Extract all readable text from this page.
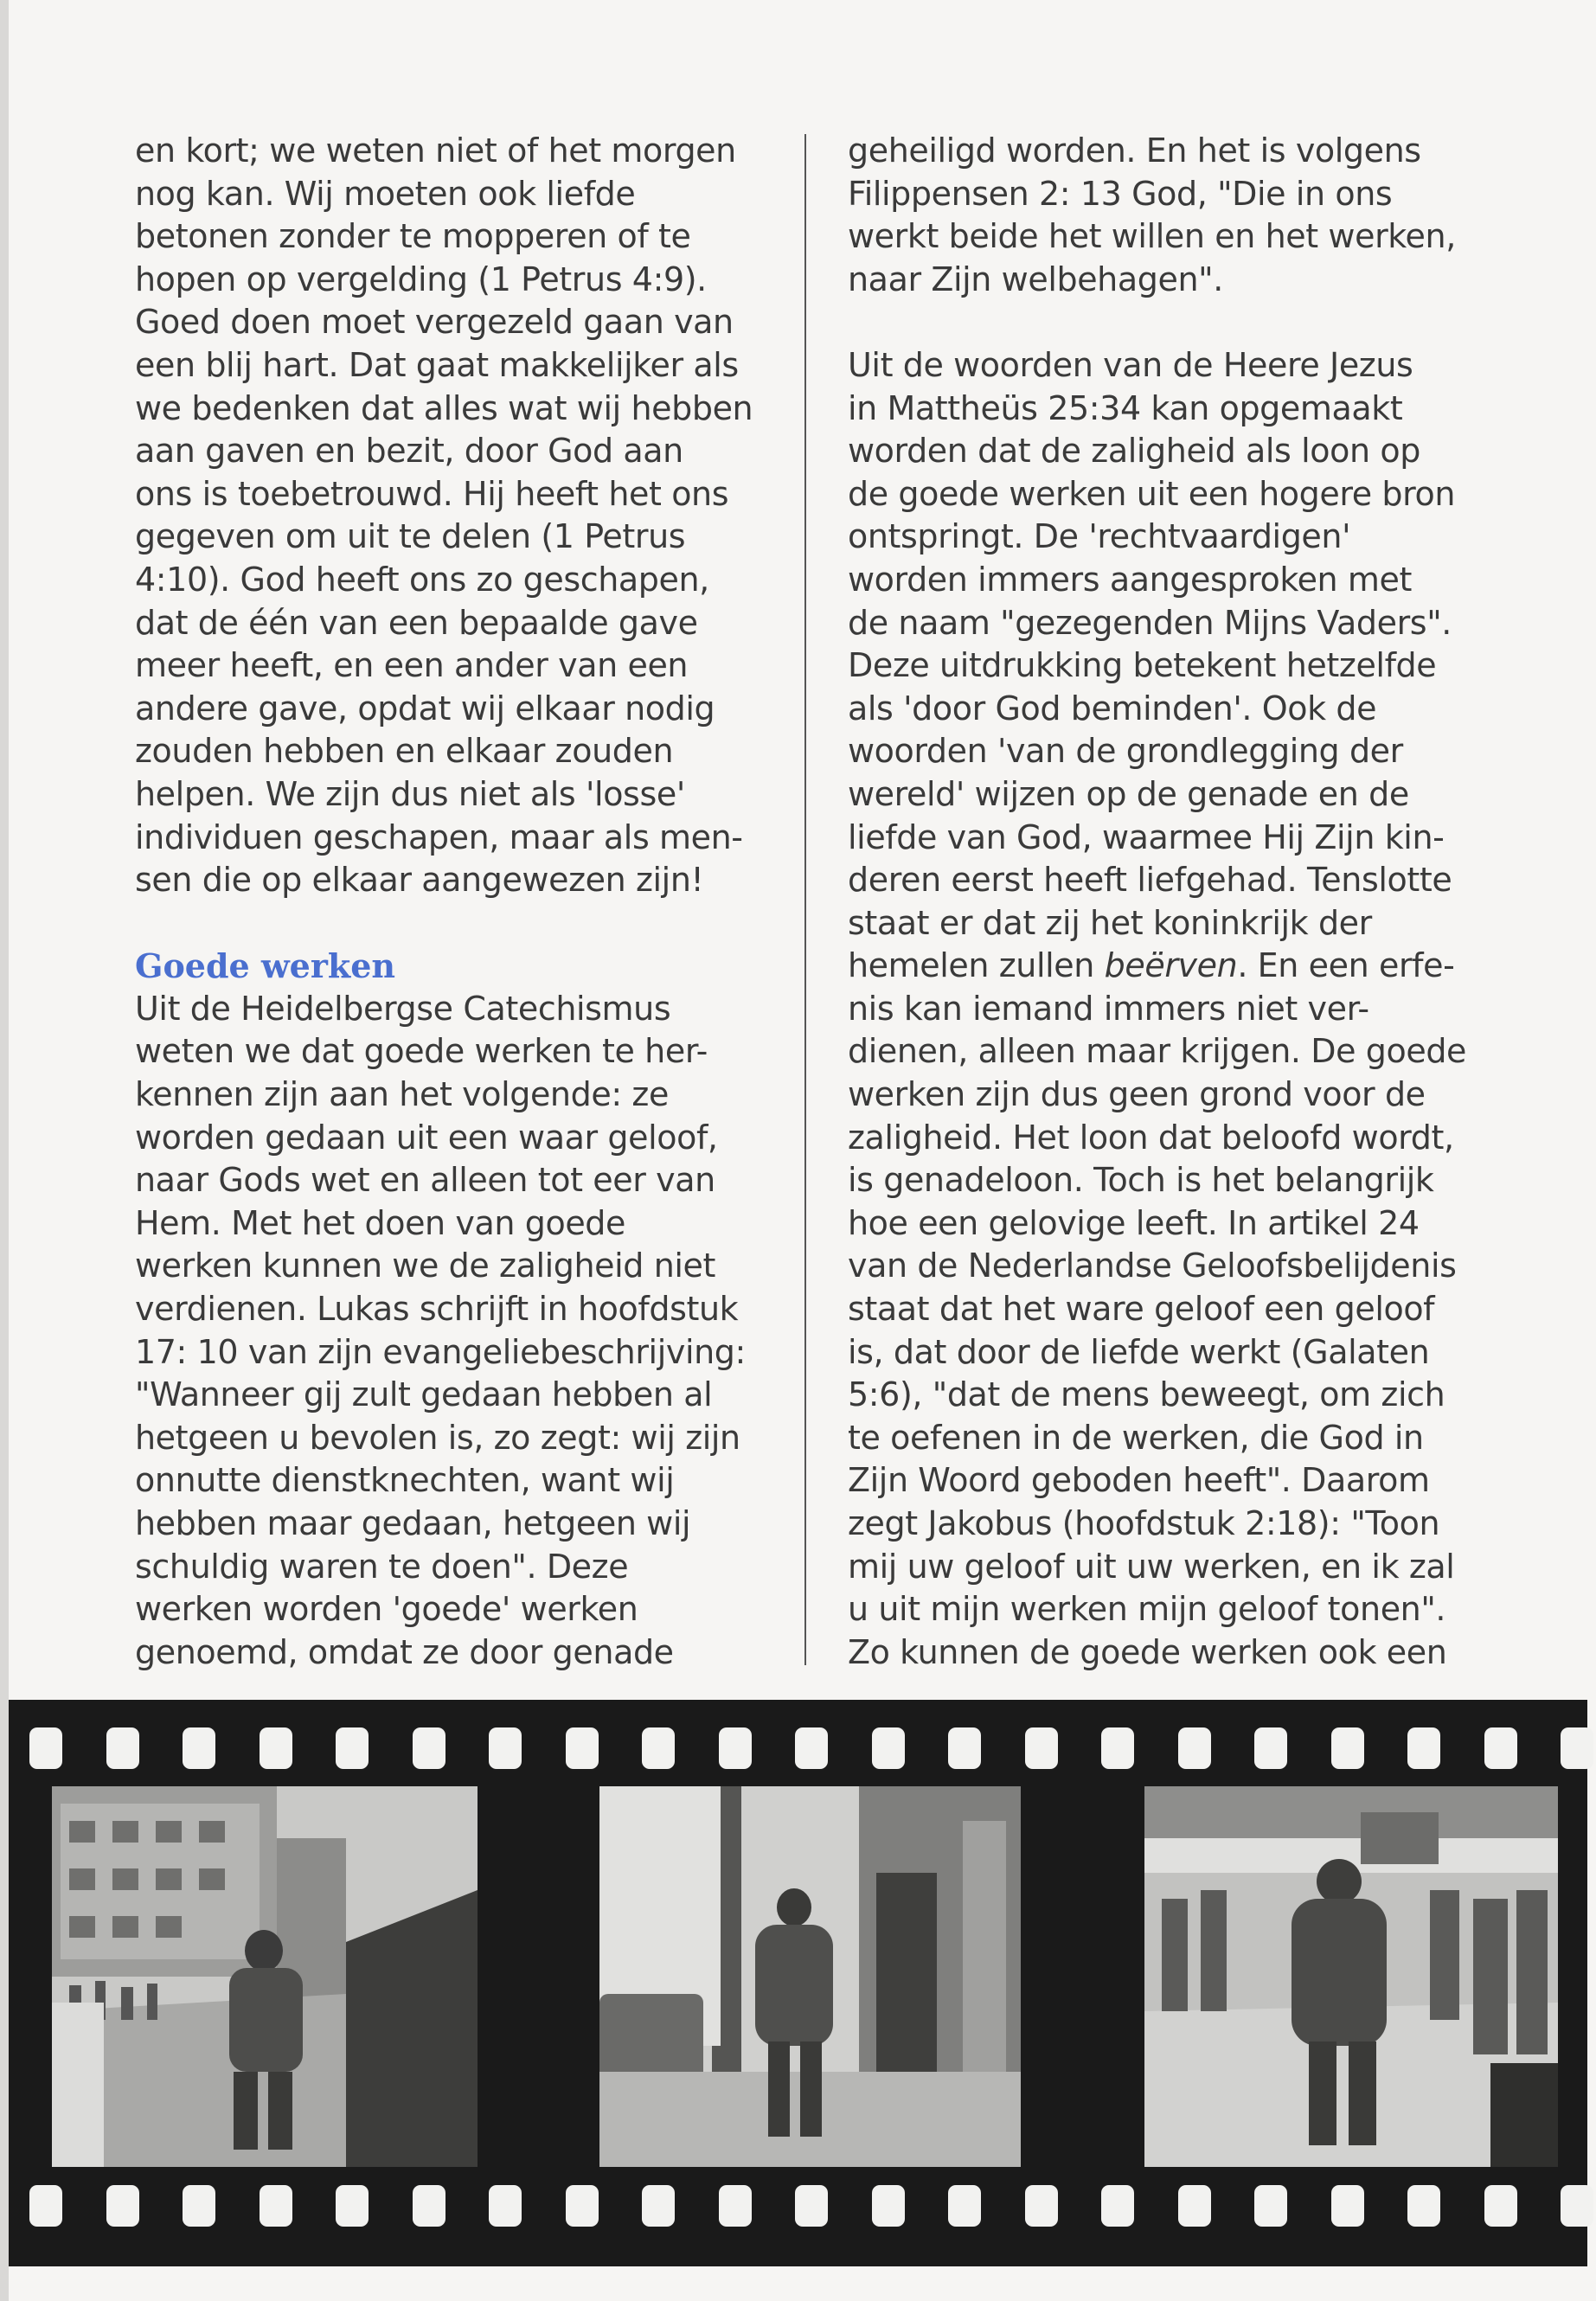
en kort; we weten niet of het morgen
nog kan. Wij moeten ook liefde
betonen zonder te mopperen of te
hopen op vergelding (1 Petrus 4:9).
Goed doen moet vergezeld gaan van
een blij hart. Dat gaat makkelijker als
we bedenken dat alles wat wij hebben
aan gaven en bezit, door God aan
ons is toebetrouwd. Hij heeft het ons
gegeven om uit te delen (1 Petrus
4:10). God heeft ons zo geschapen,
dat de één van een bepaalde gave
meer heeft, en een ander van een
andere gave, opdat wij elkaar nodig
zouden hebben en elkaar zouden
helpen. We zijn dus niet als 'losse'
individuen geschapen, maar als men-
sen die op elkaar aangewezen zijn!
Goede werken
Uit de Heidelbergse Catechismus
weten we dat goede werken te her-
kennen zijn aan het volgende: ze
worden gedaan uit een waar geloof,
naar Gods wet en alleen tot eer van
Hem. Met het doen van goede
werken kunnen we de zaligheid niet
verdienen. Lukas schrijft in hoofdstuk
17: 10 van zijn evangeliebeschrijving:
"Wanneer gij zult gedaan hebben al
hetgeen u bevolen is, zo zegt: wij zijn
onnutte dienstknechten, want wij
hebben maar gedaan, hetgeen wij
schuldig waren te doen". Deze
werken worden 'goede' werken
genoemd, omdat ze door genade
geheiligd worden. En het is volgens
Filippensen 2: 13 God, "Die in ons
werkt beide het willen en het werken,
naar Zijn welbehagen".
Uit de woorden van de Heere Jezus
in Mattheüs 25:34 kan opgemaakt
worden dat de zaligheid als loon op
de goede werken uit een hogere bron
ontspringt. De 'rechtvaardigen'
worden immers aangesproken met
de naam "gezegenden Mijns Vaders".
Deze uitdrukking betekent hetzelfde
als 'door God beminden'. Ook de
woorden 'van de grondlegging der
wereld' wijzen op de genade en de
liefde van God, waarmee Hij Zijn kin-
deren eerst heeft liefgehad. Tenslotte
staat er dat zij het koninkrijk der
hemelen zullen beërven. En een erfe-
nis kan iemand immers niet ver-
dienen, alleen maar krijgen. De goede
werken zijn dus geen grond voor de
zaligheid. Het loon dat beloofd wordt,
is genadeloon. Toch is het belangrijk
hoe een gelovige leeft. In artikel 24
van de Nederlandse Geloofsbelijdenis
staat dat het ware geloof een geloof
is, dat door de liefde werkt (Galaten
5:6), "dat de mens beweegt, om zich
te oefenen in de werken, die God in
Zijn Woord geboden heeft". Daarom
zegt Jakobus (hoofdstuk 2:18): "Toon
mij uw geloof uit uw werken, en ik zal
u uit mijn werken mijn geloof tonen".
Zo kunnen de goede werken ook een
